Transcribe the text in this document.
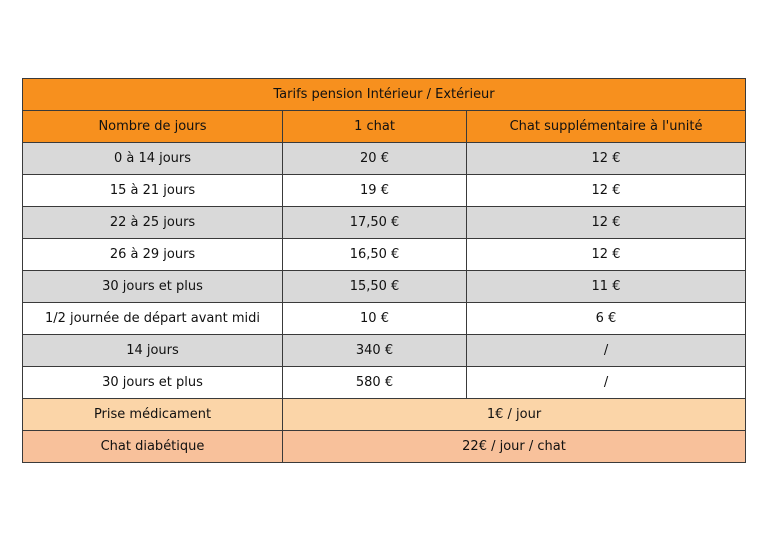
Tarifs pension Intérieur / Extérieur		
Nombre de jours	1 chat	Chat supplémentaire à l'unité
0 à 14 jours	20 €	12 €
15 à 21 jours	19 €	12 €
22 à 25 jours	17,50 €	12 €
26 à 29 jours	16,50 €	12 €
30 jours et plus	15,50 €	11 €
1/2 journée de départ avant midi	10 €	6 €
14 jours	340 €	/
30 jours et plus	580 €	/
Prise médicament	1€ / jour	
Chat diabétique	22€ / jour / chat	
